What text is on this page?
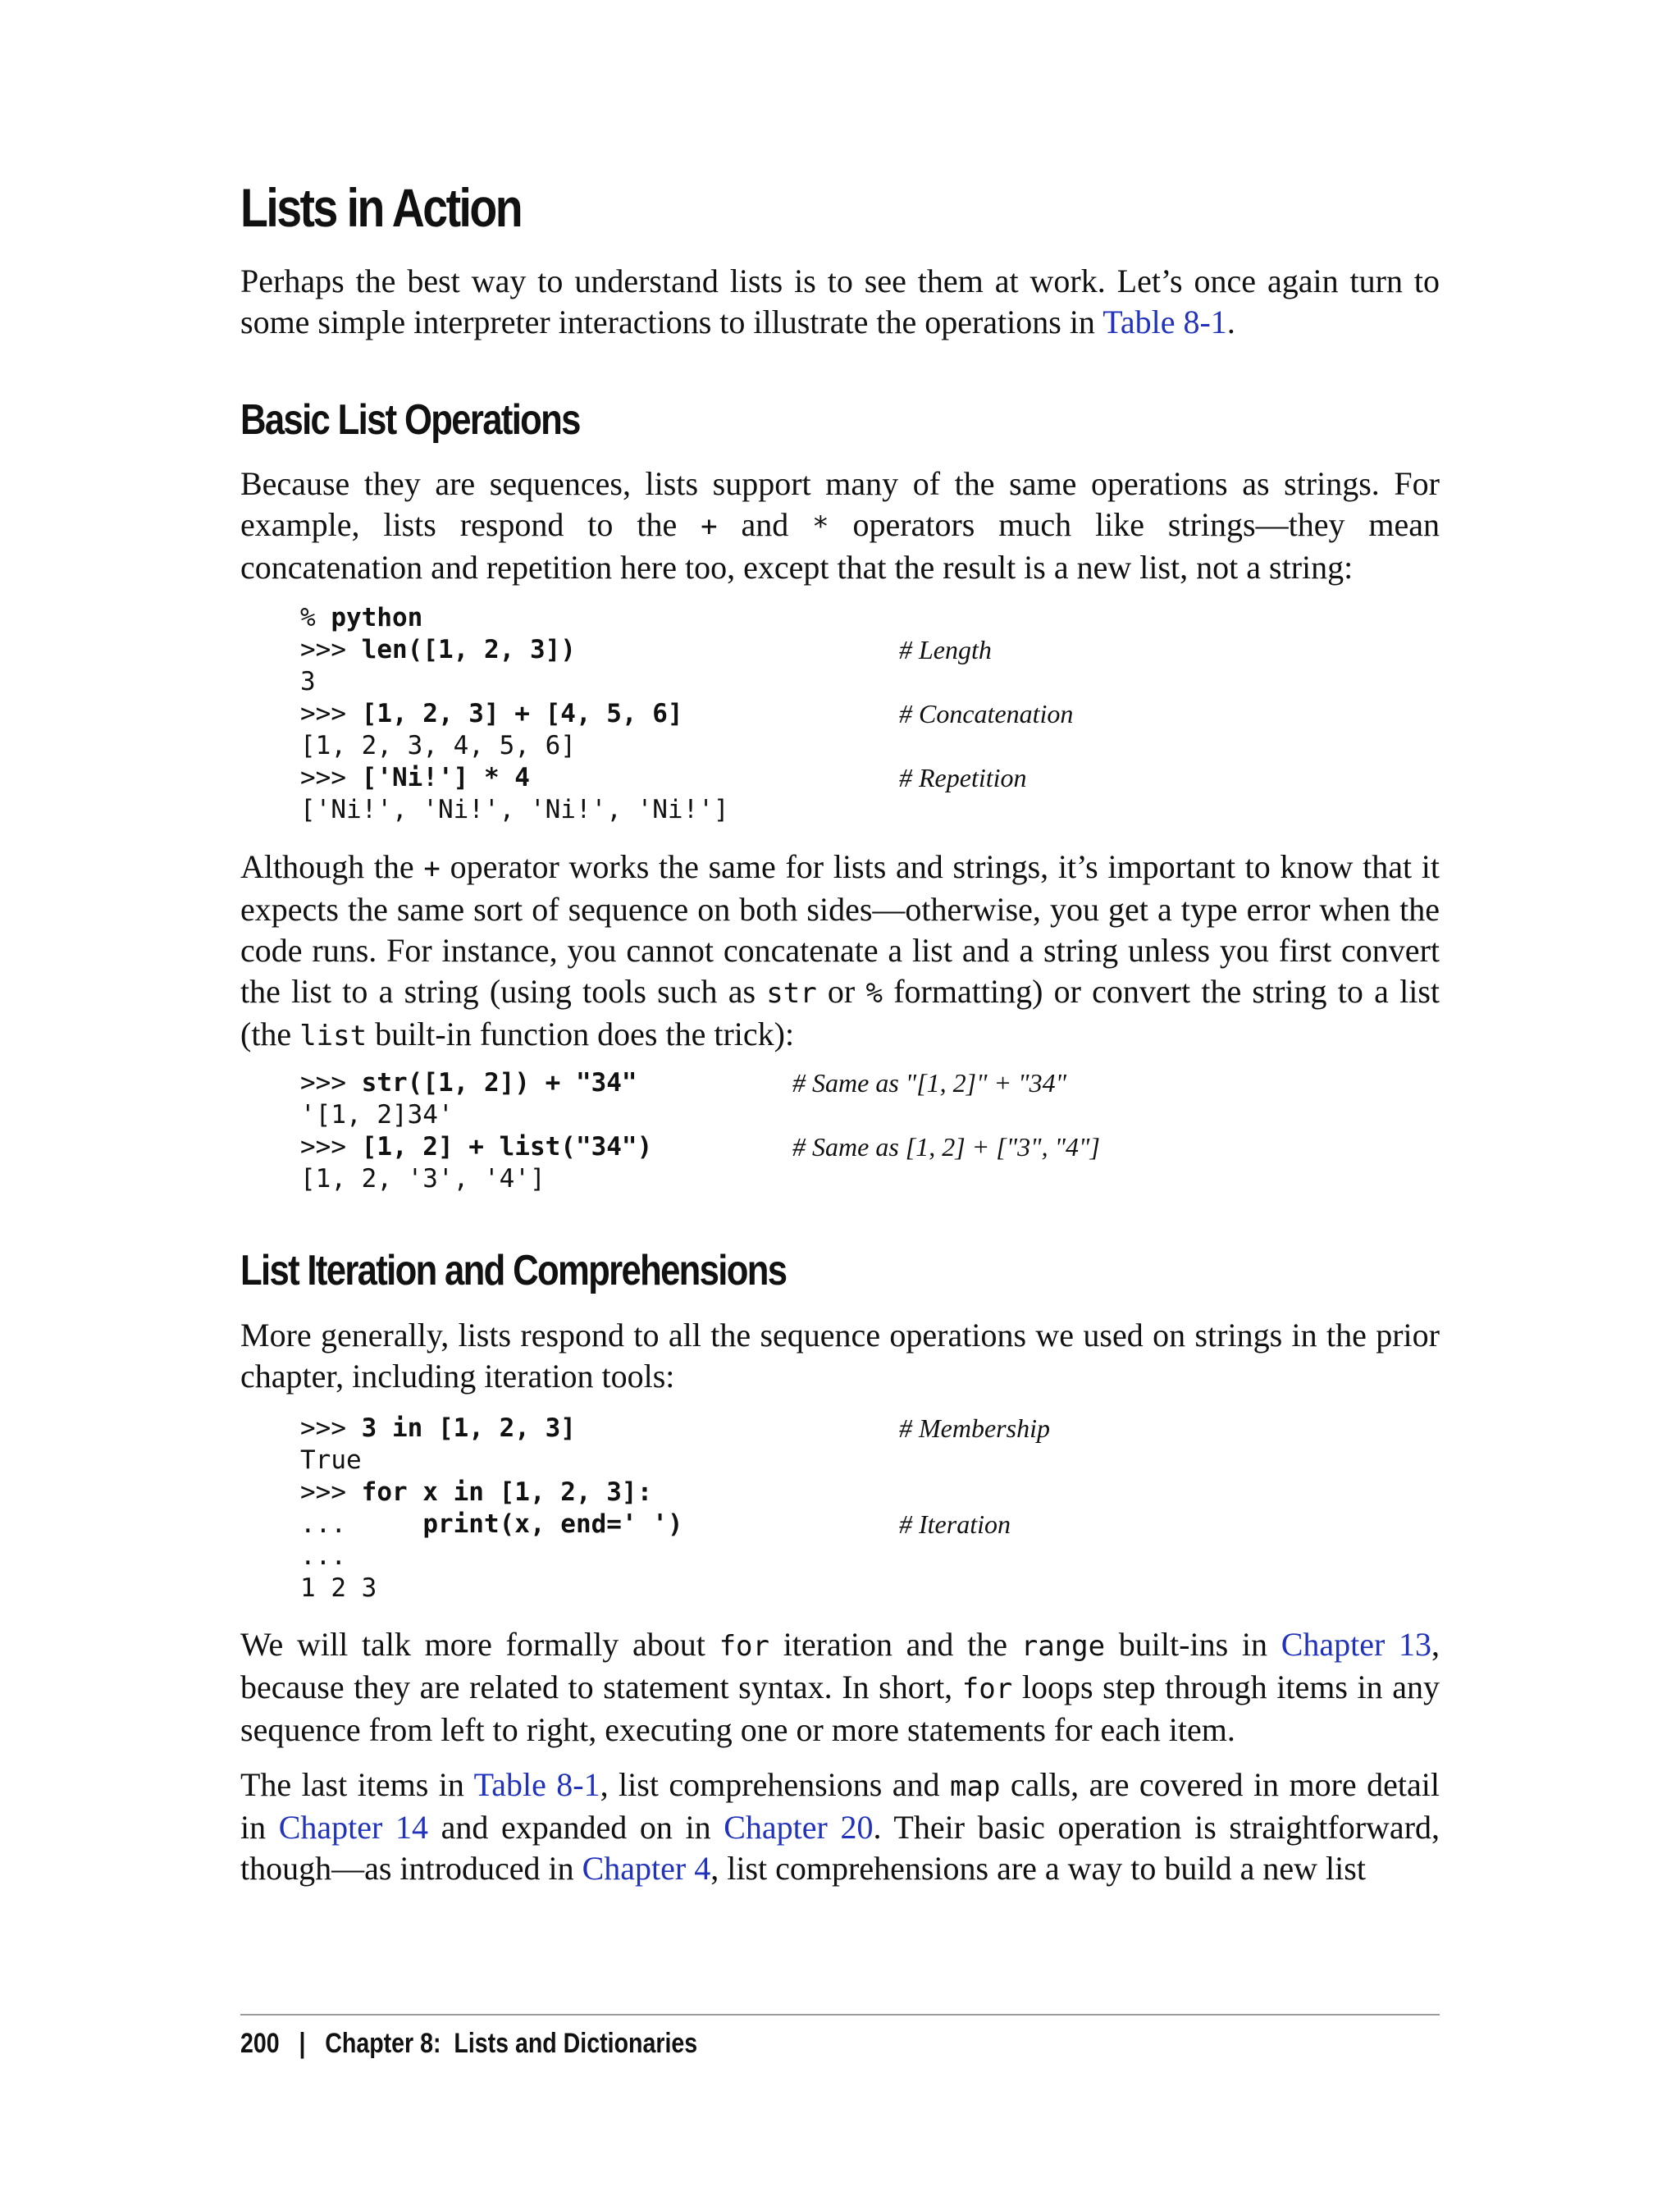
Lists in Action

Perhaps the best way to understand lists is to see them at work. Let’s once again turn to some simple interpreter interactions to illustrate the operations in Table 8-1.

Basic List Operations

Because they are sequences, lists support many of the same operations as strings. For example, lists respond to the + and * operators much like strings—they mean concatenation and repetition here too, except that the result is a new list, not a string:

% python
>>> len([1, 2, 3])	# Length
3
>>> [1, 2, 3] + [4, 5, 6]	# Concatenation
[1, 2, 3, 4, 5, 6]
>>> ['Ni!'] * 4	# Repetition
['Ni!', 'Ni!', 'Ni!', 'Ni!']

Although the + operator works the same for lists and strings, it’s important to know that it expects the same sort of sequence on both sides—otherwise, you get a type error when the code runs. For instance, you cannot concatenate a list and a string unless you first convert the list to a string (using tools such as str or % formatting) or convert the string to a list (the list built-in function does the trick):

>>> str([1, 2]) + "34"	# Same as "[1, 2]" + "34"
'[1, 2]34'
>>> [1, 2] + list("34")	# Same as [1, 2] + ["3", "4"]
[1, 2, '3', '4']
List Iteration and Comprehensions

More generally, lists respond to all the sequence operations we used on strings in the prior chapter, including iteration tools:

>>> 3 in [1, 2, 3]	# Membership
True
>>> for x in [1, 2, 3]:
...     print(x, end=' ')	# Iteration
...
1 2 3

We will talk more formally about for iteration and the range built-ins in Chapter 13, because they are related to statement syntax. In short, for loops step through items in any sequence from left to right, executing one or more statements for each item.

The last items in Table 8-1, list comprehensions and map calls, are covered in more detail in Chapter 14 and expanded on in Chapter 20. Their basic operation is straightforward, though—as introduced in Chapter 4, list comprehensions are a way to build a new list

200 | Chapter 8:  Lists and Dictionaries
